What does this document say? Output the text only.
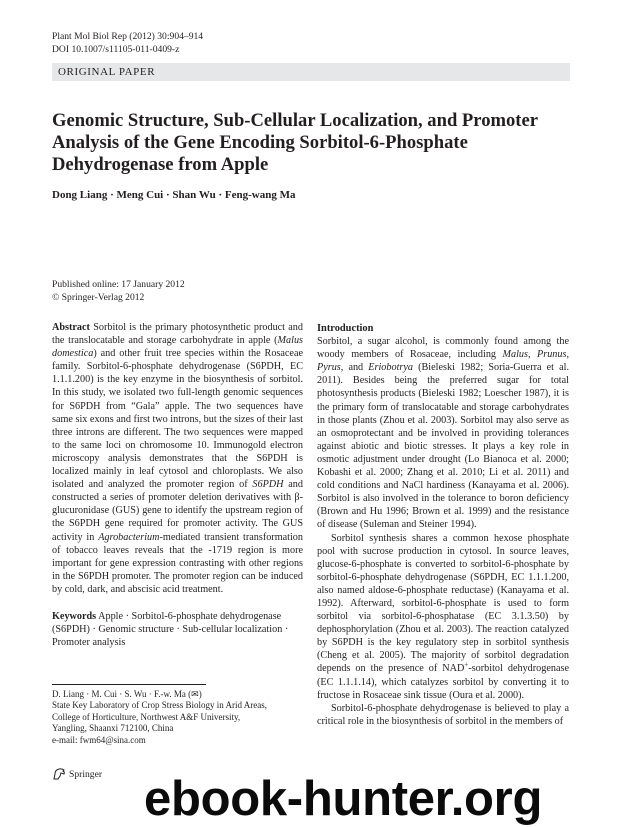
Plant Mol Biol Rep (2012) 30:904–914
DOI 10.1007/s11105-011-0409-z
ORIGINAL PAPER
Genomic Structure, Sub-Cellular Localization, and Promoter Analysis of the Gene Encoding Sorbitol-6-Phosphate Dehydrogenase from Apple
Dong Liang · Meng Cui · Shan Wu · Feng-wang Ma
Published online: 17 January 2012
© Springer-Verlag 2012

Abstract Sorbitol is the primary photosynthetic product and the translocatable and storage carbohydrate in apple (Malus domestica) and other fruit tree species within the Rosaceae family. Sorbitol-6-phosphate dehydrogenase (S6PDH, EC 1.1.1.200) is the key enzyme in the biosynthesis of sorbitol. In this study, we isolated two full-length genomic sequences for S6PDH from “Gala” apple. The two sequences have same six exons and first two introns, but the sizes of their last three introns are different. The two sequences were mapped to the same loci on chromosome 10. Immunogold electron microscopy analysis demonstrates that the S6PDH is localized mainly in leaf cytosol and chloroplasts. We also isolated and analyzed the promoter region of S6PDH and constructed a series of promoter deletion derivatives with β-glucuronidase (GUS) gene to identify the upstream region of the S6PDH gene required for promoter activity. The GUS activity in Agrobacterium-mediated transient transformation of tobacco leaves reveals that the -1719 region is more important for gene expression contrasting with other regions in the S6PDH promoter. The promoter region can be induced by cold, dark, and abscisic acid treatment.

Keywords Apple · Sorbitol-6-phosphate dehydrogenase (S6PDH) · Genomic structure · Sub-cellular localization · Promoter analysis

D. Liang · M. Cui · S. Wu · F.-w. Ma (✉)
State Key Laboratory of Crop Stress Biology in Arid Areas,
College of Horticulture, Northwest A&F University,
Yangling, Shaanxi 712100, China
e-mail: fwm64@sina.com

Introduction

Sorbitol, a sugar alcohol, is commonly found among the woody members of Rosaceae, including Malus, Prunus, Pyrus, and Eriobotrya (Bieleski 1982; Soria-Guerra et al. 2011). Besides being the preferred sugar for total photosynthesis products (Bieleski 1982; Loescher 1987), it is the primary form of translocatable and storage carbohydrates in those plants (Zhou et al. 2003). Sorbitol may also serve as an osmoprotectant and be involved in providing tolerances against abiotic and biotic stresses. It plays a key role in osmotic adjustment under drought (Lo Bianoca et al. 2000; Kobashi et al. 2000; Zhang et al. 2010; Li et al. 2011) and cold conditions and NaCl hardiness (Kanayama et al. 2006). Sorbitol is also involved in the tolerance to boron deficiency (Brown and Hu 1996; Brown et al. 1999) and the resistance of disease (Suleman and Steiner 1994).

Sorbitol synthesis shares a common hexose phosphate pool with sucrose production in cytosol. In source leaves, glucose-6-phosphate is converted to sorbitol-6-phosphate by sorbitol-6-phosphate dehydrogenase (S6PDH, EC 1.1.1.200, also named aldose-6-phosphate reductase) (Kanayama et al. 1992). Afterward, sorbitol-6-phosphate is used to form sorbitol via sorbitol-6-phosphatase (EC 3.1.3.50) by dephosphorylation (Zhou et al. 2003). The reaction catalyzed by S6PDH is the key regulatory step in sorbitol synthesis (Cheng et al. 2005). The majority of sorbitol degradation depends on the presence of NAD+-sorbitol dehydrogenase (EC 1.1.1.14), which catalyzes sorbitol by converting it to fructose in Rosaceae sink tissue (Oura et al. 2000).

Sorbitol-6-phosphate dehydrogenase is believed to play a critical role in the biosynthesis of sorbitol in the members of

Springer ebook-hunter.org
